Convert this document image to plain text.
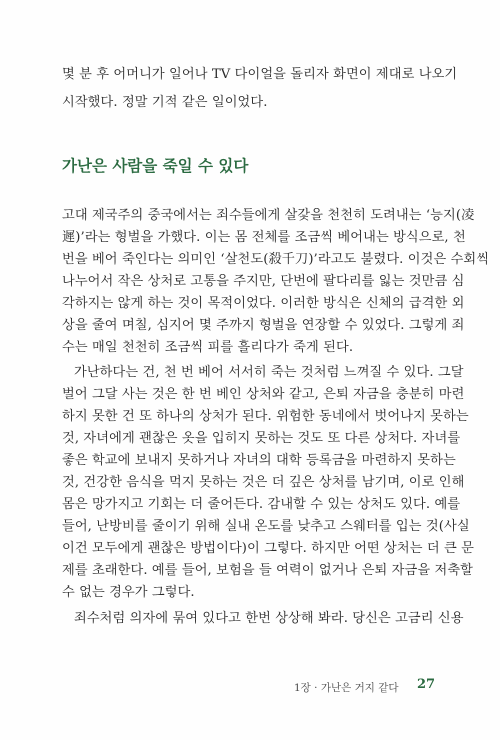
몇 분 후 어머니가 일어나 TV 다이얼을 돌리자 화면이 제대로 나오기
시작했다. 정말 기적 같은 일이었다.
가난은 사람을 죽일 수 있다
고대 제국주의 중국에서는 죄수들에게 살갗을 천천히 도려내는 ‘능지(凌
遲)’라는 형벌을 가했다. 이는 몸 전체를 조금씩 베어내는 방식으로, 천
번을 베어 죽인다는 의미인 ‘살천도(殺千刀)’라고도 불렸다. 이것은 수회씩
나누어서 작은 상처로 고통을 주지만, 단번에 팔다리를 잃는 것만큼 심
각하지는 않게 하는 것이 목적이었다. 이러한 방식은 신체의 급격한 외
상을 줄여 며칠, 심지어 몇 주까지 형벌을 연장할 수 있었다. 그렇게 죄
수는 매일 천천히 조금씩 피를 흘리다가 죽게 된다.
가난하다는 건, 천 번 베어 서서히 죽는 것처럼 느껴질 수 있다. 그달
벌어 그달 사는 것은 한 번 베인 상처와 같고, 은퇴 자금을 충분히 마련
하지 못한 건 또 하나의 상처가 된다. 위험한 동네에서 벗어나지 못하는
것, 자녀에게 괜찮은 옷을 입히지 못하는 것도 또 다른 상처다. 자녀를
좋은 학교에 보내지 못하거나 자녀의 대학 등록금을 마련하지 못하는
것, 건강한 음식을 먹지 못하는 것은 더 깊은 상처를 남기며, 이로 인해
몸은 망가지고 기회는 더 줄어든다. 감내할 수 있는 상처도 있다. 예를
들어, 난방비를 줄이기 위해 실내 온도를 낮추고 스웨터를 입는 것(사실
이건 모두에게 괜찮은 방법이다)이 그렇다. 하지만 어떤 상처는 더 큰 문
제를 초래한다. 예를 들어, 보험을 들 여력이 없거나 은퇴 자금을 저축할
수 없는 경우가 그렇다.
죄수처럼 의자에 묶여 있다고 한번 상상해 봐라. 당신은 고금리 신용
1장 · 가난은 거지 같다 27
